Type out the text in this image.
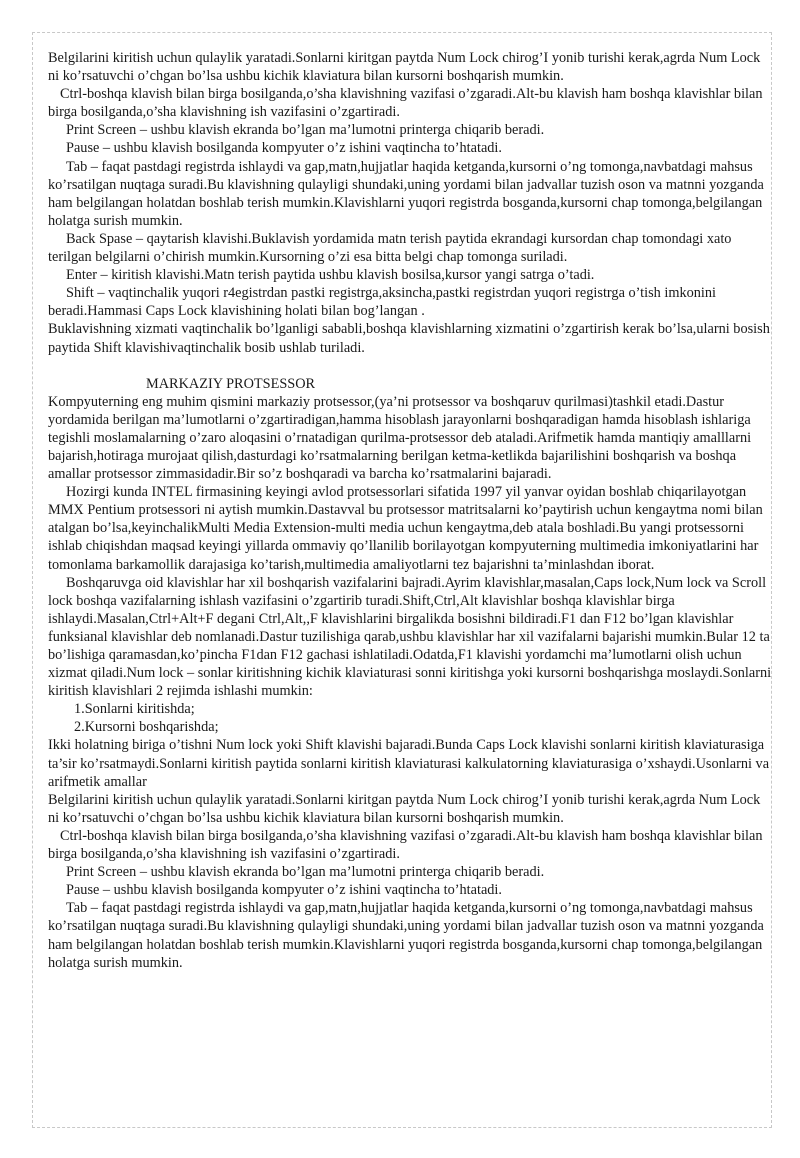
Belgilarini kiritish uchun qulaylik yaratadi.Sonlarni kiritgan paytda Num Lock chirog’I yonib turishi kerak,agrda Num Lock ni ko’rsatuvchi o’chgan bo’lsa ushbu kichik klaviatura bilan kursorni boshqarish mumkin.

Ctrl-boshqa klavish bilan birga bosilganda,o’sha klavishning vazifasi o’zgaradi.Alt-bu klavish ham boshqa klavishlar bilan birga bosilganda,o’sha klavishning ish vazifasini o’zgartiradi.

Print Screen – ushbu klavish ekranda bo’lgan ma’lumotni printerga chiqarib beradi.

Pause – ushbu klavish bosilganda kompyuter o’z ishini vaqtincha to’htatadi.

Tab – faqat pastdagi registrda ishlaydi va gap,matn,hujjatlar haqida ketganda,kursorni o’ng tomonga,navbatdagi mahsus ko’rsatilgan nuqtaga suradi.Bu klavishning qulayligi shundaki,uning yordami bilan jadvallar tuzish oson va matnni yozganda ham belgilangan holatdan boshlab terish mumkin.Klavishlarni yuqori registrda bosganda,kursorni chap tomonga,belgilangan holatga surish mumkin.

Back Spase – qaytarish klavishi.Buklavish yordamida matn terish paytida ekrandagi kursordan chap tomondagi xato terilgan belgilarni o’chirish mumkin.Kursorning o’zi esa bitta belgi chap tomonga suriladi.

Enter – kiritish klavishi.Matn terish paytida ushbu klavish bosilsa,kursor yangi satrga o’tadi.

Shift – vaqtinchalik yuqori r4egistrdan pastki registrga,aksincha,pastki registrdan yuqori registrga o’tish imkonini beradi.Hammasi Caps Lock klavishining holati bilan bog’langan .

Buklavishning xizmati vaqtinchalik bo’lganligi sababli,boshqa klavishlarning xizmatini o’zgartirish kerak bo’lsa,ularni bosish paytida Shift klavishivaqtinchalik bosib ushlab turiladi.

MARKAZIY PROTSESSOR

Kompyuterning eng muhim qismini markaziy protsessor,(ya’ni protsessor va boshqaruv qurilmasi)tashkil etadi.Dastur yordamida berilgan ma’lumotlarni o’zgartiradigan,hamma hisoblash jarayonlarni boshqaradigan hamda hisoblash ishlariga tegishli moslamalarning o’zaro aloqasini o’rnatadigan qurilma-protsessor deb ataladi.Arifmetik hamda mantiqiy amalllarni bajarish,hotiraga murojaat qilish,dasturdagi ko’rsatmalarning berilgan ketma-ketlikda bajarilishini boshqarish va boshqa amallar protsessor zimmasidadir.Bir so’z boshqaradi va barcha ko’rsatmalarini bajaradi.

Hozirgi kunda INTEL firmasining keyingi avlod protsessorlari sifatida 1997 yil yanvar oyidan boshlab chiqarilayotgan MMX Pentium protsessori ni aytish mumkin.Dastavval bu protsessor matritsalarni ko’paytirish uchun kengaytma nomi bilan atalgan bo’lsa,keyinchalikMulti Media Extension-multi media uchun kengaytma,deb atala boshladi.Bu yangi protsessorni ishlab chiqishdan maqsad keyingi yillarda ommaviy qo’llanilib borilayotgan kompyuterning multimedia imkoniyatlarini har tomonlama barkamollik darajasiga ko’tarish,multimedia amaliyotlarni tez bajarishni ta’minlashdan iborat.

Boshqaruvga oid klavishlar har xil boshqarish vazifalarini bajradi.Ayrim klavishlar,masalan,Caps lock,Num lock va Scroll lock boshqa vazifalarning ishlash vazifasini o’zgartirib turadi.Shift,Ctrl,Alt klavishlar boshqa klavishlar birga ishlaydi.Masalan,Ctrl+Alt+F degani Ctrl,Alt,,F klavishlarini birgalikda bosishni bildiradi.F1 dan F12 bo’lgan klavishlar funksianal klavishlar deb nomlanadi.Dastur tuzilishiga qarab,ushbu klavishlar har xil vazifalarni bajarishi mumkin.Bular 12 ta bo’lishiga qaramasdan,ko’pincha F1dan F12 gachasi ishlatiladi.Odatda,F1 klavishi yordamchi ma’lumotlarni olish uchun xizmat qiladi.Num lock – sonlar kiritishning kichik klaviaturasi sonni kiritishga yoki kursorni boshqarishga moslaydi.Sonlarni kiritish klavishlari 2 rejimda ishlashi mumkin:

1.Sonlarni kiritishda;

2.Kursorni boshqarishda;

Ikki holatning biriga o’tishni Num lock yoki Shift klavishi bajaradi.Bunda Caps Lock klavishi sonlarni kiritish klaviaturasiga ta’sir ko’rsatmaydi.Sonlarni kiritish paytida sonlarni kiritish klaviaturasi kalkulatorning klaviaturasiga o’xshaydi.Usonlarni va arifmetik amallar

Belgilarini kiritish uchun qulaylik yaratadi.Sonlarni kiritgan paytda Num Lock chirog’I yonib turishi kerak,agrda Num Lock ni ko’rsatuvchi o’chgan bo’lsa ushbu kichik klaviatura bilan kursorni boshqarish mumkin.

Ctrl-boshqa klavish bilan birga bosilganda,o’sha klavishning vazifasi o’zgaradi.Alt-bu klavish ham boshqa klavishlar bilan birga bosilganda,o’sha klavishning ish vazifasini o’zgartiradi.

Print Screen – ushbu klavish ekranda bo’lgan ma’lumotni printerga chiqarib beradi.

Pause – ushbu klavish bosilganda kompyuter o’z ishini vaqtincha to’htatadi.

Tab – faqat pastdagi registrda ishlaydi va gap,matn,hujjatlar haqida ketganda,kursorni o’ng tomonga,navbatdagi mahsus ko’rsatilgan nuqtaga suradi.Bu klavishning qulayligi shundaki,uning yordami bilan jadvallar tuzish oson va matnni yozganda ham belgilangan holatdan boshlab terish mumkin.Klavishlarni yuqori registrda bosganda,kursorni chap tomonga,belgilangan holatga surish mumkin.
